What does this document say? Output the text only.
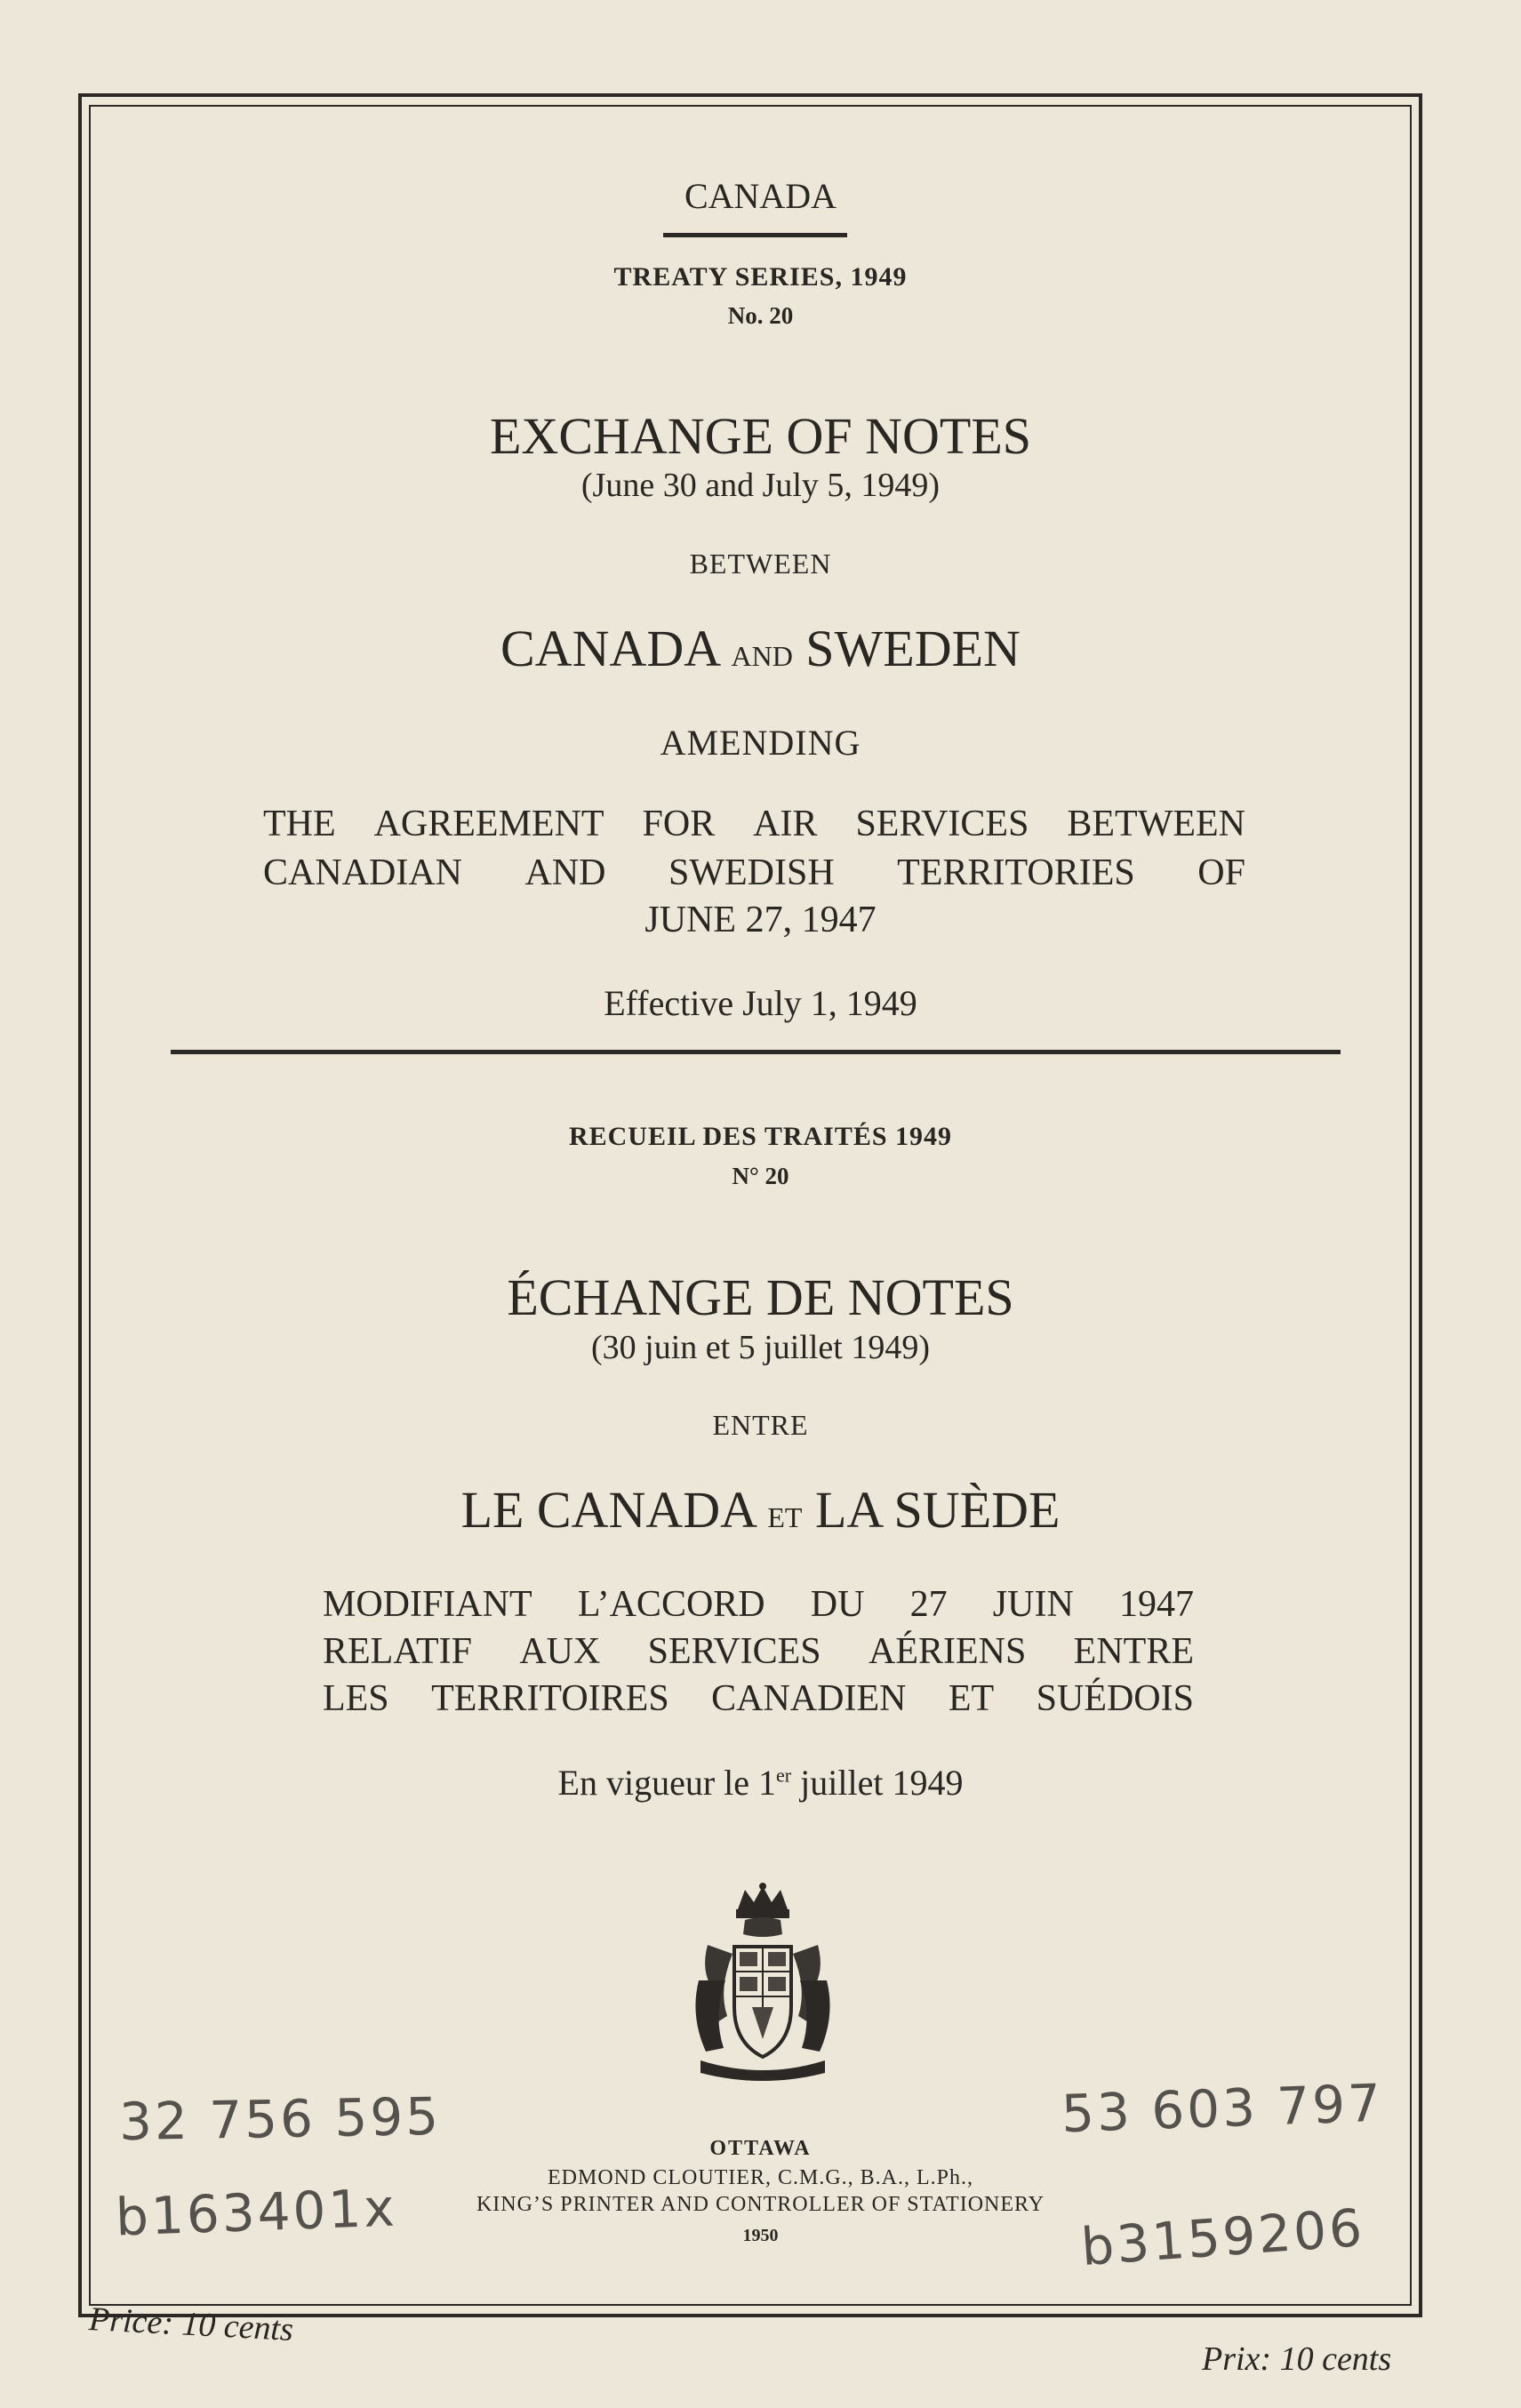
CANADA
TREATY SERIES, 1949
No. 20
EXCHANGE OF NOTES
(June 30 and July 5, 1949)
BETWEEN
CANADA AND SWEDEN
AMENDING
THE AGREEMENT FOR AIR SERVICES BETWEEN
CANADIAN AND SWEDISH TERRITORIES OF
JUNE 27, 1947
Effective July 1, 1949
RECUEIL DES TRAITÉS 1949
N° 20
ÉCHANGE DE NOTES
(30 juin et 5 juillet 1949)
ENTRE
LE CANADA ET LA SUÈDE
MODIFIANT L’ACCORD DU 27 JUIN 1947
RELATIF AUX SERVICES AÉRIENS ENTRE
LES TERRITOIRES CANADIEN ET SUÉDOIS
En vigueur le 1er juillet 1949
OTTAWA
EDMOND CLOUTIER, C.M.G., B.A., L.Ph.,
KING’S PRINTER AND CONTROLLER OF STATIONERY
1950
32 756 595
b163401x
53 603 797
b3159206
Price: 10 cents
Prix: 10 cents
